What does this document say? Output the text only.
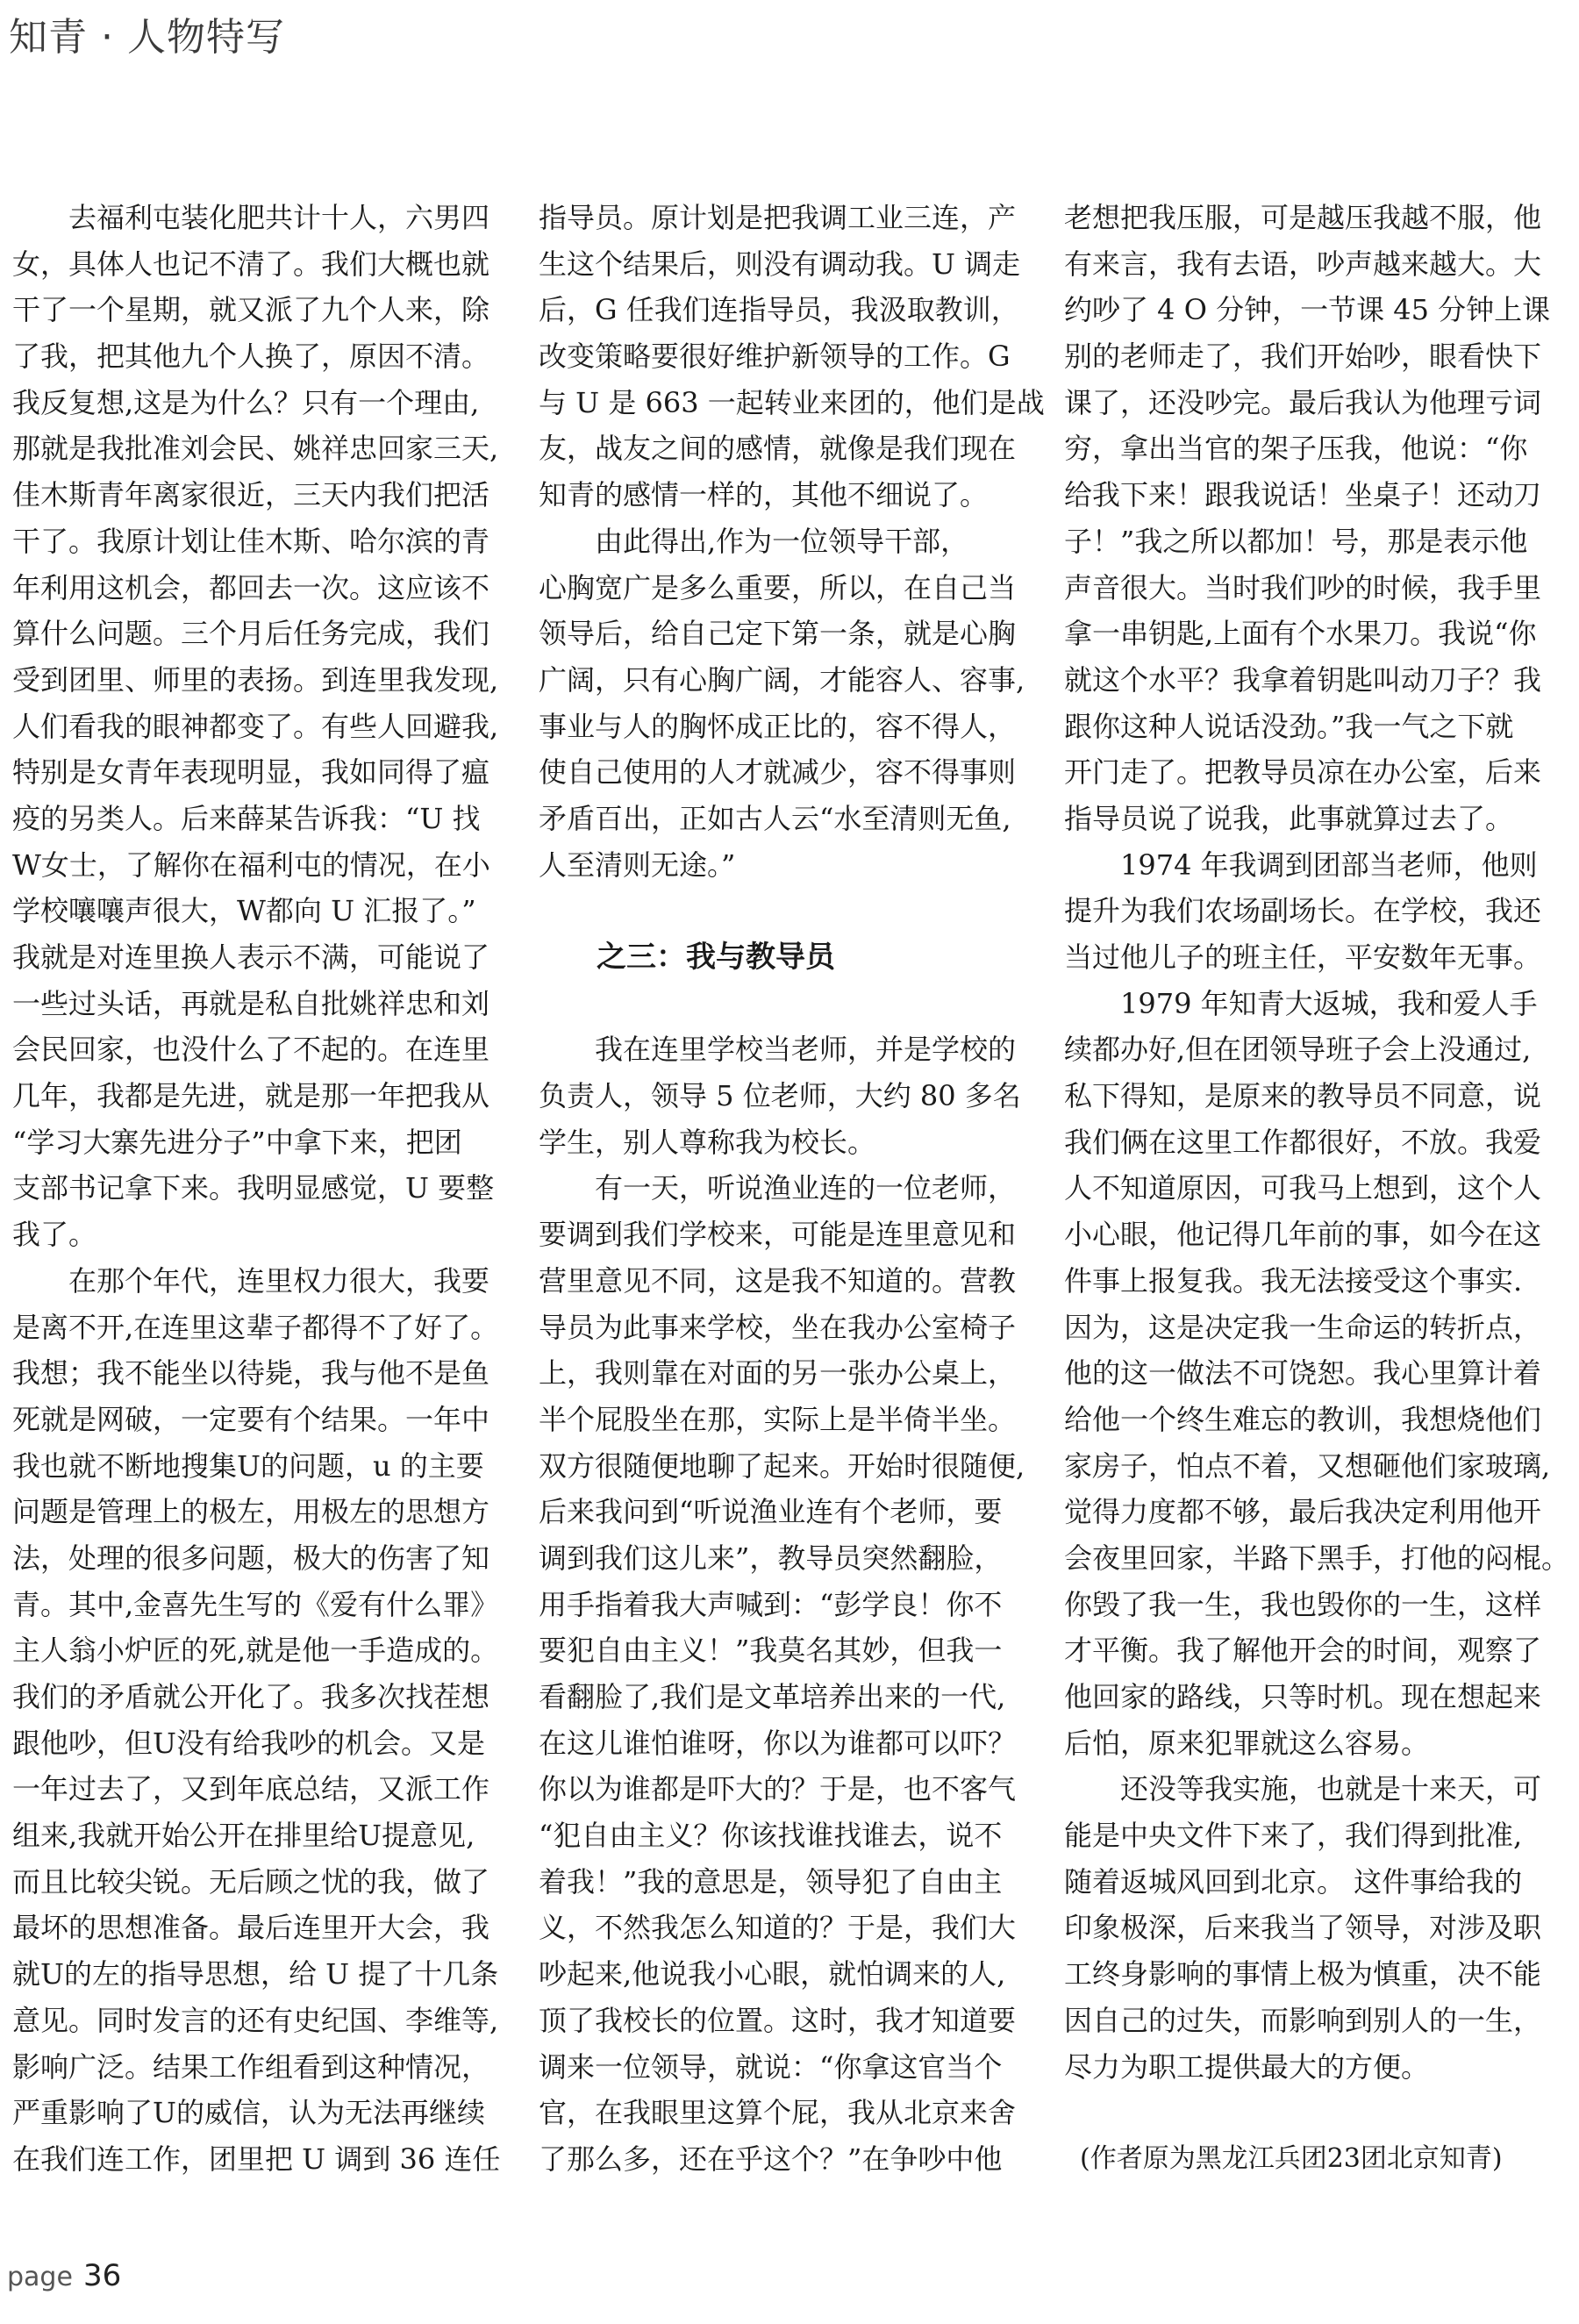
知青 · 人物特写
去福利屯装化肥共计十人，六男四
女，具体人也记不清了。我们大概也就
干了一个星期，就又派了九个人来，除
了我，把其他九个人换了，原因不清。
我反复想,这是为什么？只有一个理由,
那就是我批准刘会民、姚祥忠回家三天,
佳木斯青年离家很近，三天内我们把活
干了。我原计划让佳木斯、哈尔滨的青
年利用这机会，都回去一次。这应该不
算什么问题。三个月后任务完成，我们
受到团里、师里的表扬。到连里我发现,
人们看我的眼神都变了。有些人回避我,
特别是女青年表现明显，我如同得了瘟
疫的另类人。后来薛某告诉我：“U 找
W女士，了解你在福利屯的情况，在小
学校嚷嚷声很大，W都向 U 汇报了。”
我就是对连里换人表示不满，可能说了
一些过头话，再就是私自批姚祥忠和刘
会民回家，也没什么了不起的。在连里
几年，我都是先进，就是那一年把我从
“学习大寨先进分子”中拿下来，把团
支部书记拿下来。我明显感觉，U 要整
我了。
在那个年代，连里权力很大，我要
是离不开,在连里这辈子都得不了好了。
我想；我不能坐以待毙，我与他不是鱼
死就是网破，一定要有个结果。一年中
我也就不断地搜集U的问题，u 的主要
问题是管理上的极左，用极左的思想方
法，处理的很多问题，极大的伤害了知
青。其中,金喜先生写的《爱有什么罪》
主人翁小炉匠的死,就是他一手造成的。
我们的矛盾就公开化了。我多次找茬想
跟他吵，但U没有给我吵的机会。又是
一年过去了，又到年底总结，又派工作
组来,我就开始公开在排里给U提意见,
而且比较尖锐。无后顾之忧的我，做了
最坏的思想准备。最后连里开大会，我
就U的左的指导思想，给 U 提了十几条
意见。同时发言的还有史纪国、李维等,
影响广泛。结果工作组看到这种情况，
严重影响了U的威信，认为无法再继续
在我们连工作，团里把 U 调到 36 连任
指导员。原计划是把我调工业三连，产
生这个结果后，则没有调动我。U 调走
后，G 任我们连指导员，我汲取教训，
改变策略要很好维护新领导的工作。G
与 U 是 663 一起转业来团的，他们是战
友，战友之间的感情，就像是我们现在
知青的感情一样的，其他不细说了。
由此得出,作为一位领导干部，
心胸宽广是多么重要，所以，在自己当
领导后，给自己定下第一条，就是心胸
广阔，只有心胸广阔，才能容人、容事,
事业与人的胸怀成正比的，容不得人，
使自己使用的人才就减少，容不得事则
矛盾百出，正如古人云“水至清则无鱼,
人至清则无途。”
之三：我与教导员
我在连里学校当老师，并是学校的
负责人，领导 5 位老师，大约 80 多名
学生，别人尊称我为校长。
有一天，听说渔业连的一位老师，
要调到我们学校来，可能是连里意见和
营里意见不同，这是我不知道的。营教
导员为此事来学校，坐在我办公室椅子
上，我则靠在对面的另一张办公桌上，
半个屁股坐在那，实际上是半倚半坐。
双方很随便地聊了起来。开始时很随便,
后来我问到“听说渔业连有个老师，要
调到我们这儿来”，教导员突然翻脸，
用手指着我大声喊到：“彭学良！你不
要犯自由主义！”我莫名其妙，但我一
看翻脸了,我们是文革培养出来的一代,
在这儿谁怕谁呀，你以为谁都可以吓？
你以为谁都是吓大的？于是，也不客气
“犯自由主义？你该找谁找谁去，说不
着我！”我的意思是，领导犯了自由主
义，不然我怎么知道的？于是，我们大
吵起来,他说我小心眼，就怕调来的人,
顶了我校长的位置。这时，我才知道要
调来一位领导，就说：“你拿这官当个
官，在我眼里这算个屁，我从北京来舍
了那么多，还在乎这个？”在争吵中他
老想把我压服，可是越压我越不服，他
有来言，我有去语，吵声越来越大。大
约吵了 4 O 分钟，一节课 45 分钟上课
别的老师走了，我们开始吵，眼看快下
课了，还没吵完。最后我认为他理亏词
穷，拿出当官的架子压我，他说：“你
给我下来！跟我说话！坐桌子！还动刀
子！”我之所以都加！号，那是表示他
声音很大。当时我们吵的时候，我手里
拿一串钥匙,上面有个水果刀。我说“你
就这个水平？我拿着钥匙叫动刀子？我
跟你这种人说话没劲。”我一气之下就
开门走了。把教导员凉在办公室，后来
指导员说了说我，此事就算过去了。
1974 年我调到团部当老师，他则
提升为我们农场副场长。在学校，我还
当过他儿子的班主任，平安数年无事。
1979 年知青大返城，我和爱人手
续都办好,但在团领导班子会上没通过,
私下得知，是原来的教导员不同意，说
我们俩在这里工作都很好，不放。我爱
人不知道原因，可我马上想到，这个人
小心眼，他记得几年前的事，如今在这
件事上报复我。我无法接受这个事实.
因为，这是决定我一生命运的转折点，
他的这一做法不可饶恕。我心里算计着
给他一个终生难忘的教训，我想烧他们
家房子，怕点不着，又想砸他们家玻璃,
觉得力度都不够，最后我决定利用他开
会夜里回家，半路下黑手，打他的闷棍。
你毁了我一生，我也毁你的一生，这样
才平衡。我了解他开会的时间，观察了
他回家的路线，只等时机。现在想起来
后怕，原来犯罪就这么容易。
还没等我实施，也就是十来天，可
能是中央文件下来了，我们得到批准,
随着返城风回到北京。 这件事给我的
印象极深，后来我当了领导，对涉及职
工终身影响的事情上极为慎重，决不能
因自己的过失，而影响到别人的一生，
尽力为职工提供最大的方便。
(作者原为黑龙江兵团23团北京知青)
page 36
